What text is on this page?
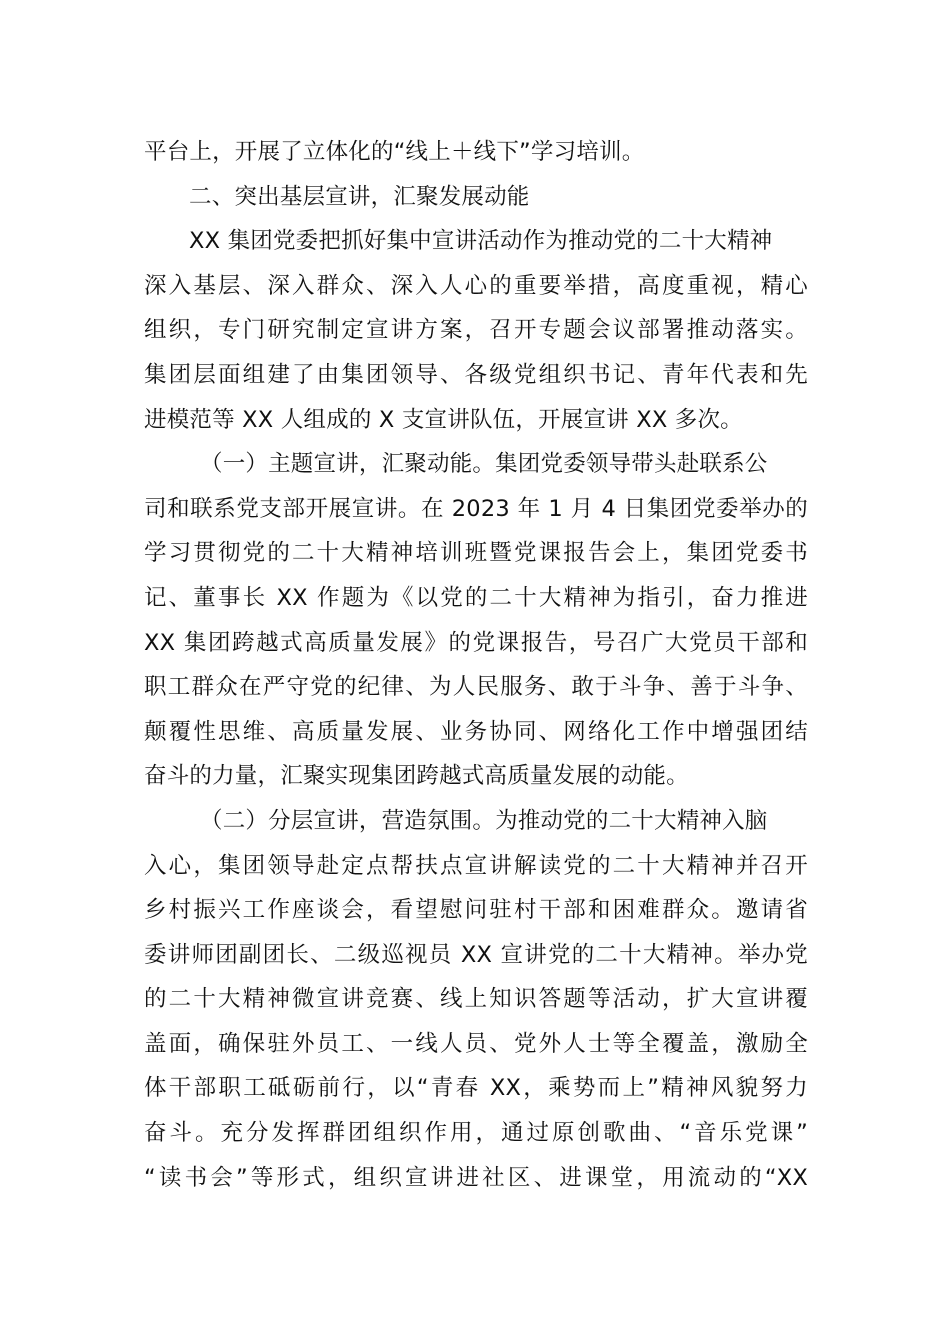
平台上，开展了立体化的“线上＋线下”学习培训。
二、突出基层宣讲，汇聚发展动能
XX 集团党委把抓好集中宣讲活动作为推动党的二十大精神
深入基层、深入群众、深入人心的重要举措，高度重视，精心
组织，专门研究制定宣讲方案，召开专题会议部署推动落实。
集团层面组建了由集团领导、各级党组织书记、青年代表和先
进模范等 XX 人组成的 X 支宣讲队伍，开展宣讲 XX 多次。
（一）主题宣讲，汇聚动能。集团党委领导带头赴联系公
司和联系党支部开展宣讲。在 2023 年 1 月 4 日集团党委举办的
学习贯彻党的二十大精神培训班暨党课报告会上，集团党委书
记、董事长 XX 作题为《以党的二十大精神为指引，奋力推进
XX 集团跨越式高质量发展》的党课报告，号召广大党员干部和
职工群众在严守党的纪律、为人民服务、敢于斗争、善于斗争、
颠覆性思维、高质量发展、业务协同、网络化工作中增强团结
奋斗的力量，汇聚实现集团跨越式高质量发展的动能。
（二）分层宣讲，营造氛围。为推动党的二十大精神入脑
入心，集团领导赴定点帮扶点宣讲解读党的二十大精神并召开
乡村振兴工作座谈会，看望慰问驻村干部和困难群众。邀请省
委讲师团副团长、二级巡视员 XX 宣讲党的二十大精神。举办党
的二十大精神微宣讲竞赛、线上知识答题等活动，扩大宣讲覆
盖面，确保驻外员工、一线人员、党外人士等全覆盖，激励全
体干部职工砥砺前行，以“青春 XX，乘势而上”精神风貌努力
奋斗。充分发挥群团组织作用，通过原创歌曲、“音乐党课”
“读书会”等形式，组织宣讲进社区、进课堂，用流动的“XX
